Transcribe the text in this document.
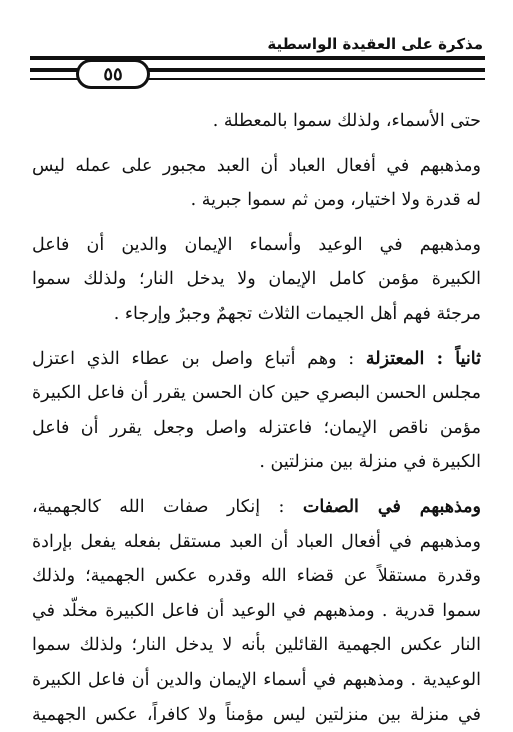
مذكرة على العقيدة الواسطية
٥٥
حتى الأسماء، ولذلك سموا بالمعطلة .
ومذهبهم في أفعال العباد أن العبد مجبور على عمله ليس
له قدرة ولا اختيار، ومن ثم سموا جبرية .
ومذهبهم في الوعيد وأسماء الإيمان والدين أن فاعل
الكبيرة مؤمن كامل الإيمان ولا يدخل النار؛ ولذلك سموا
مرجئة فهم أهل الجيمات الثلاث تجهمٌ وجبرٌ وإرجاء .
ثانياً : المعتزلة : وهم أتباع واصل بن عطاء الذي اعتزل
مجلس الحسن البصري حين كان الحسن يقرر أن فاعل الكبيرة
مؤمن ناقص الإيمان؛ فاعتزله واصل وجعل يقرر أن فاعل
الكبيرة في منزلة بين منزلتين .
ومذهبهم في الصفات : إنكار صفات الله كالجهمية،
ومذهبهم في أفعال العباد أن العبد مستقل بفعله يفعل بإرادة
وقدرة مستقلاً عن قضاء الله وقدره عكس الجهمية؛ ولذلك
سموا قدرية . ومذهبهم في الوعيد أن فاعل الكبيرة مخلّد في
النار عكس الجهمية القائلين بأنه لا يدخل النار؛ ولذلك سموا
الوعيدية . ومذهبهم في أسماء الإيمان والدين أن فاعل الكبيرة
في منزلة بين منزلتين ليس مؤمناً ولا كافراً، عكس الجهمية
